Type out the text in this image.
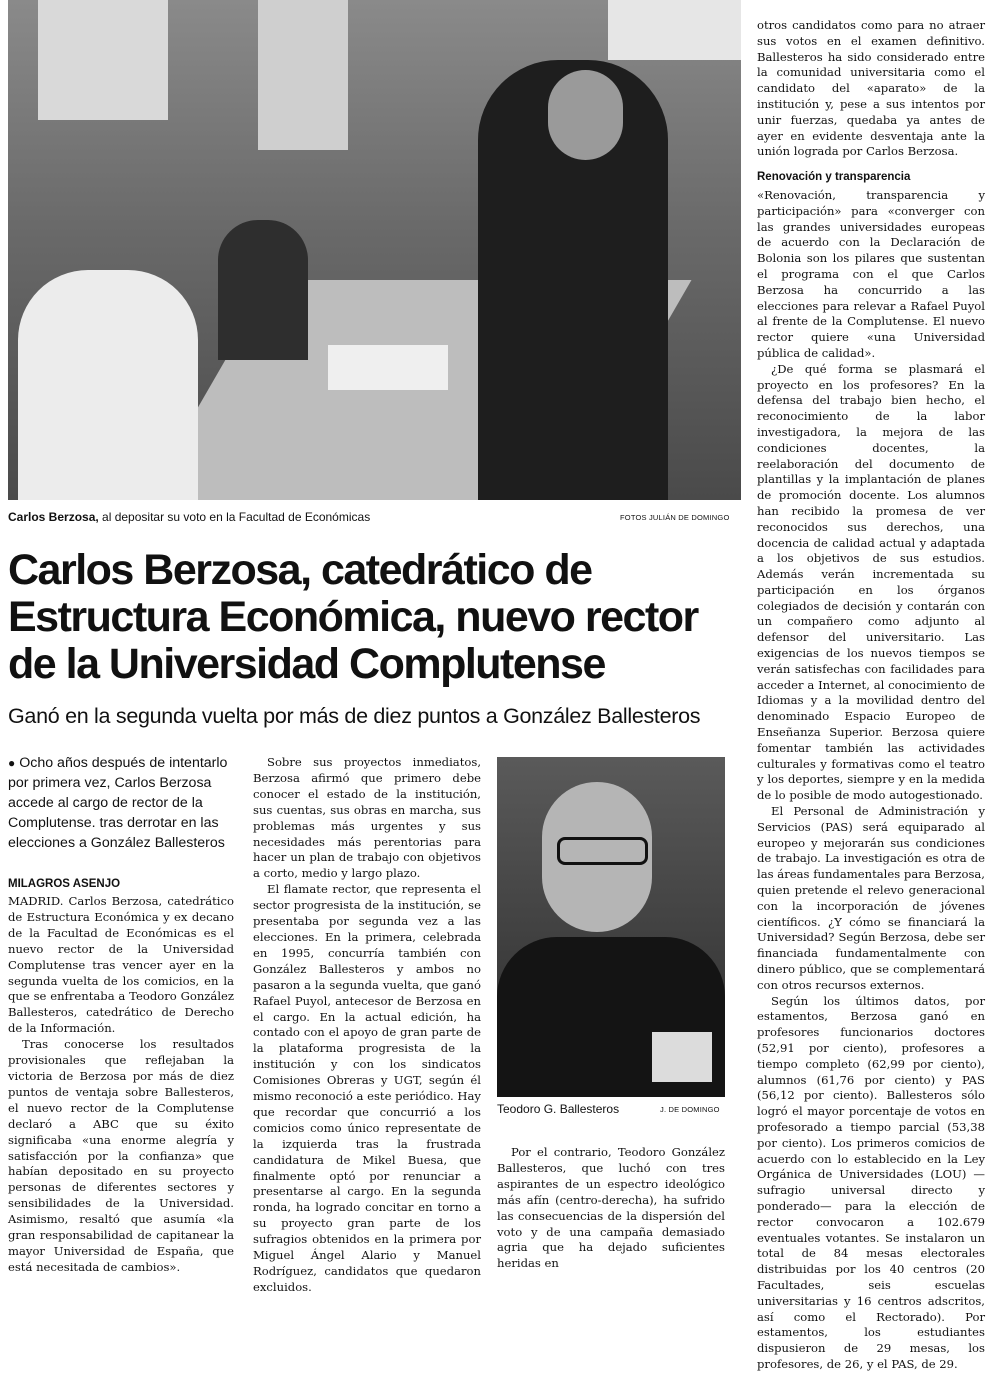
Carlos Berzosa, al depositar su voto en la Facultad de Económicas	FOTOS JULIÁN DE DOMINGO
Carlos Berzosa, catedrático de Estructura Económica, nuevo rector de la Universidad Complutense
Ganó en la segunda vuelta por más de diez puntos a González Ballesteros
● Ocho años después de intentarlo por primera vez, Carlos Berzosa accede al cargo de rector de la Complutense. tras derrotar en las elecciones a González Ballesteros
MILAGROS ASENJO

MADRID. Carlos Berzosa, catedrático de Estructura Económica y ex decano de la Facultad de Económicas es el nuevo rector de la Universidad Complutense tras vencer ayer en la segunda vuelta de los comicios, en la que se enfrentaba a Teodoro González Ballesteros, catedrático de Derecho de la Información.

Tras conocerse los resultados provisionales que reflejaban la victoria de Berzosa por más de diez puntos de ventaja sobre Ballesteros, el nuevo rector de la Complutense declaró a ABC que su éxito significaba «una enorme alegría y satisfacción por la confianza» que habían depositado en su proyecto personas de diferentes sectores y sensibilidades de la Universidad. Asimismo, resaltó que asumía «la gran responsabilidad de capitanear la mayor Universidad de España, que está necesitada de cambios».

Sobre sus proyectos inmediatos, Berzosa afirmó que primero debe conocer el estado de la institución, sus cuentas, sus obras en marcha, sus problemas más urgentes y sus necesidades más perentorias para hacer un plan de trabajo con objetivos a corto, medio y largo plazo.

El flamate rector, que representa el sector progresista de la institución, se presentaba por segunda vez a las elecciones. En la primera, celebrada en 1995, concurría también con González Ballesteros y ambos no pasaron a la segunda vuelta, que ganó Rafael Puyol, antecesor de Berzosa en el cargo. En la actual edición, ha contado con el apoyo de gran parte de la plataforma progresista de la institución y con los sindicatos Comisiones Obreras y UGT, según él mismo reconoció a este periódico. Hay que recordar que concurrió a los comicios como único representate de la izquierda tras la frustrada candidatura de Mikel Buesa, que finalmente optó por renunciar a presentarse al cargo. En la segunda ronda, ha logrado concitar en torno a su proyecto gran parte de los sufragios obtenidos en la primera por Miguel Ángel Alario y Manuel Rodríguez, candidatos que quedaron excluidos.

Teodoro G. Ballesteros	J. DE DOMINGO

Por el contrario, Teodoro González Ballesteros, que luchó con tres aspirantes de un espectro ideológico más afín (centro-derecha), ha sufrido las consecuencias de la dispersión del voto y de una campaña demasiado agria que ha dejado suficientes heridas en

otros candidatos como para no atraer sus votos en el examen definitivo. Ballesteros ha sido considerado entre la comunidad universitaria como el candidato del «aparato» de la institución y, pese a sus intentos por unir fuerzas, quedaba ya antes de ayer en evidente desventaja ante la unión lograda por Carlos Berzosa.

Renovación y transparencia

«Renovación, transparencia y participación» para «converger con las grandes universidades europeas de acuerdo con la Declaración de Bolonia son los pilares que sustentan el programa con el que Carlos Berzosa ha concurrido a las elecciones para relevar a Rafael Puyol al frente de la Complutense. El nuevo rector quiere «una Universidad pública de calidad».

¿De qué forma se plasmará el proyecto en los profesores? En la defensa del trabajo bien hecho, el reconocimiento de la labor investigadora, la mejora de las condiciones docentes, la reelaboración del documento de plantillas y la implantación de planes de promoción docente. Los alumnos han recibido la promesa de ver reconocidos sus derechos, una docencia de calidad actual y adaptada a los objetivos de sus estudios. Además verán incrementada su participación en los órganos colegiados de decisión y contarán con un compañero como adjunto al defensor del universitario. Las exigencias de los nuevos tiempos se verán satisfechas con facilidades para acceder a Internet, al conocimiento de Idiomas y a la movilidad dentro del denominado Espacio Europeo de Enseñanza Superior. Berzosa quiere fomentar también las actividades culturales y formativas como el teatro y los deportes, siempre y en la medida de lo posible de modo autogestionado.

El Personal de Administración y Servicios (PAS) será equiparado al europeo y mejorarán sus condiciones de trabajo. La investigación es otra de las áreas fundamentales para Berzosa, quien pretende el relevo generacional con la incorporación de jóvenes científicos. ¿Y cómo se financiará la Universidad? Según Berzosa, debe ser financiada fundamentalmente con dinero público, que se complementará con otros recursos externos.

Según los últimos datos, por estamentos, Berzosa ganó en profesores funcionarios doctores (52,91 por ciento), profesores a tiempo completo (62,99 por ciento), alumnos (61,76 por ciento) y PAS (56,12 por ciento). Ballesteros sólo logró el mayor porcentaje de votos en profesorado a tiempo parcial (53,38 por ciento). Los primeros comicios de acuerdo con lo establecido en la Ley Orgánica de Universidades (LOU) —sufragio universal directo y ponderado— para la elección de rector convocaron a 102.679 eventuales votantes. Se instalaron un total de 84 mesas electorales distribuidas por los 40 centros (20 Facultades, seis escuelas universitarias y 16 centros adscritos, así como el Rectorado). Por estamentos, los estudiantes dispusieron de 29 mesas, los profesores, de 26, y el PAS, de 29.
